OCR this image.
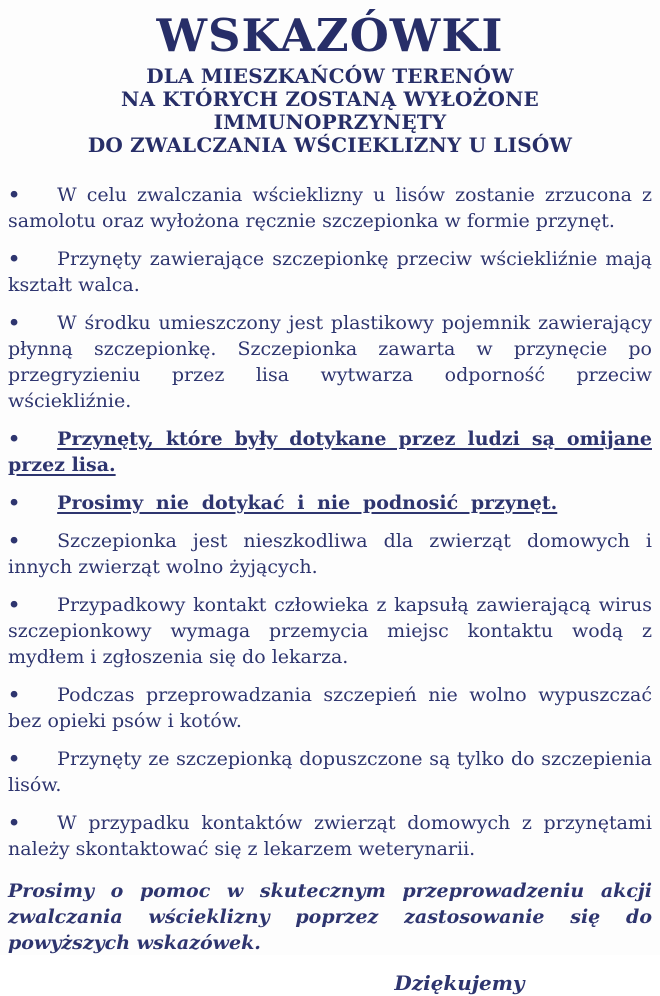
WSKAZÓWKI
DLA MIESZKAŃCÓW TERENÓW
NA KTÓRYCH ZOSTANĄ WYŁOŻONE IMMUNOPRZYNĘTY
DO ZWALCZANIA WŚCIEKLIZNY U LISÓW

• W celu zwalczania wścieklizny u lisów zostanie zrzucona z samolotu oraz wyłożona ręcznie szczepionka w formie przynęt.

• Przynęty zawierające szczepionkę przeciw wściekliźnie mają kształt walca.

• W środku umieszczony jest plastikowy pojemnik zawierający płynną szczepionkę. Szczepionka zawarta w przynęcie po przegryzieniu przez lisa wytwarza odporność przeciw wściekliźnie.

• Przynęty, które były dotykane przez ludzi są omijane przez lisa.

• Prosimy nie dotykać i nie podnosić przynęt.

• Szczepionka jest nieszkodliwa dla zwierząt domowych i innych zwierząt wolno żyjących.

• Przypadkowy kontakt człowieka z kapsułą zawierającą wirus szczepionkowy wymaga przemycia miejsc kontaktu wodą z mydłem i zgłoszenia się do lekarza.

• Podczas przeprowadzania szczepień nie wolno wypuszczać bez opieki psów i kotów.

• Przynęty ze szczepionką dopuszczone są tylko do szczepienia lisów.

• W przypadku kontaktów zwierząt domowych z przynętami należy skontaktować się z lekarzem weterynarii.

Prosimy o pomoc w skutecznym przeprowadzeniu akcji zwalczania wścieklizny poprzez zastosowanie się do powyższych wskazówek.

Dziękujemy
